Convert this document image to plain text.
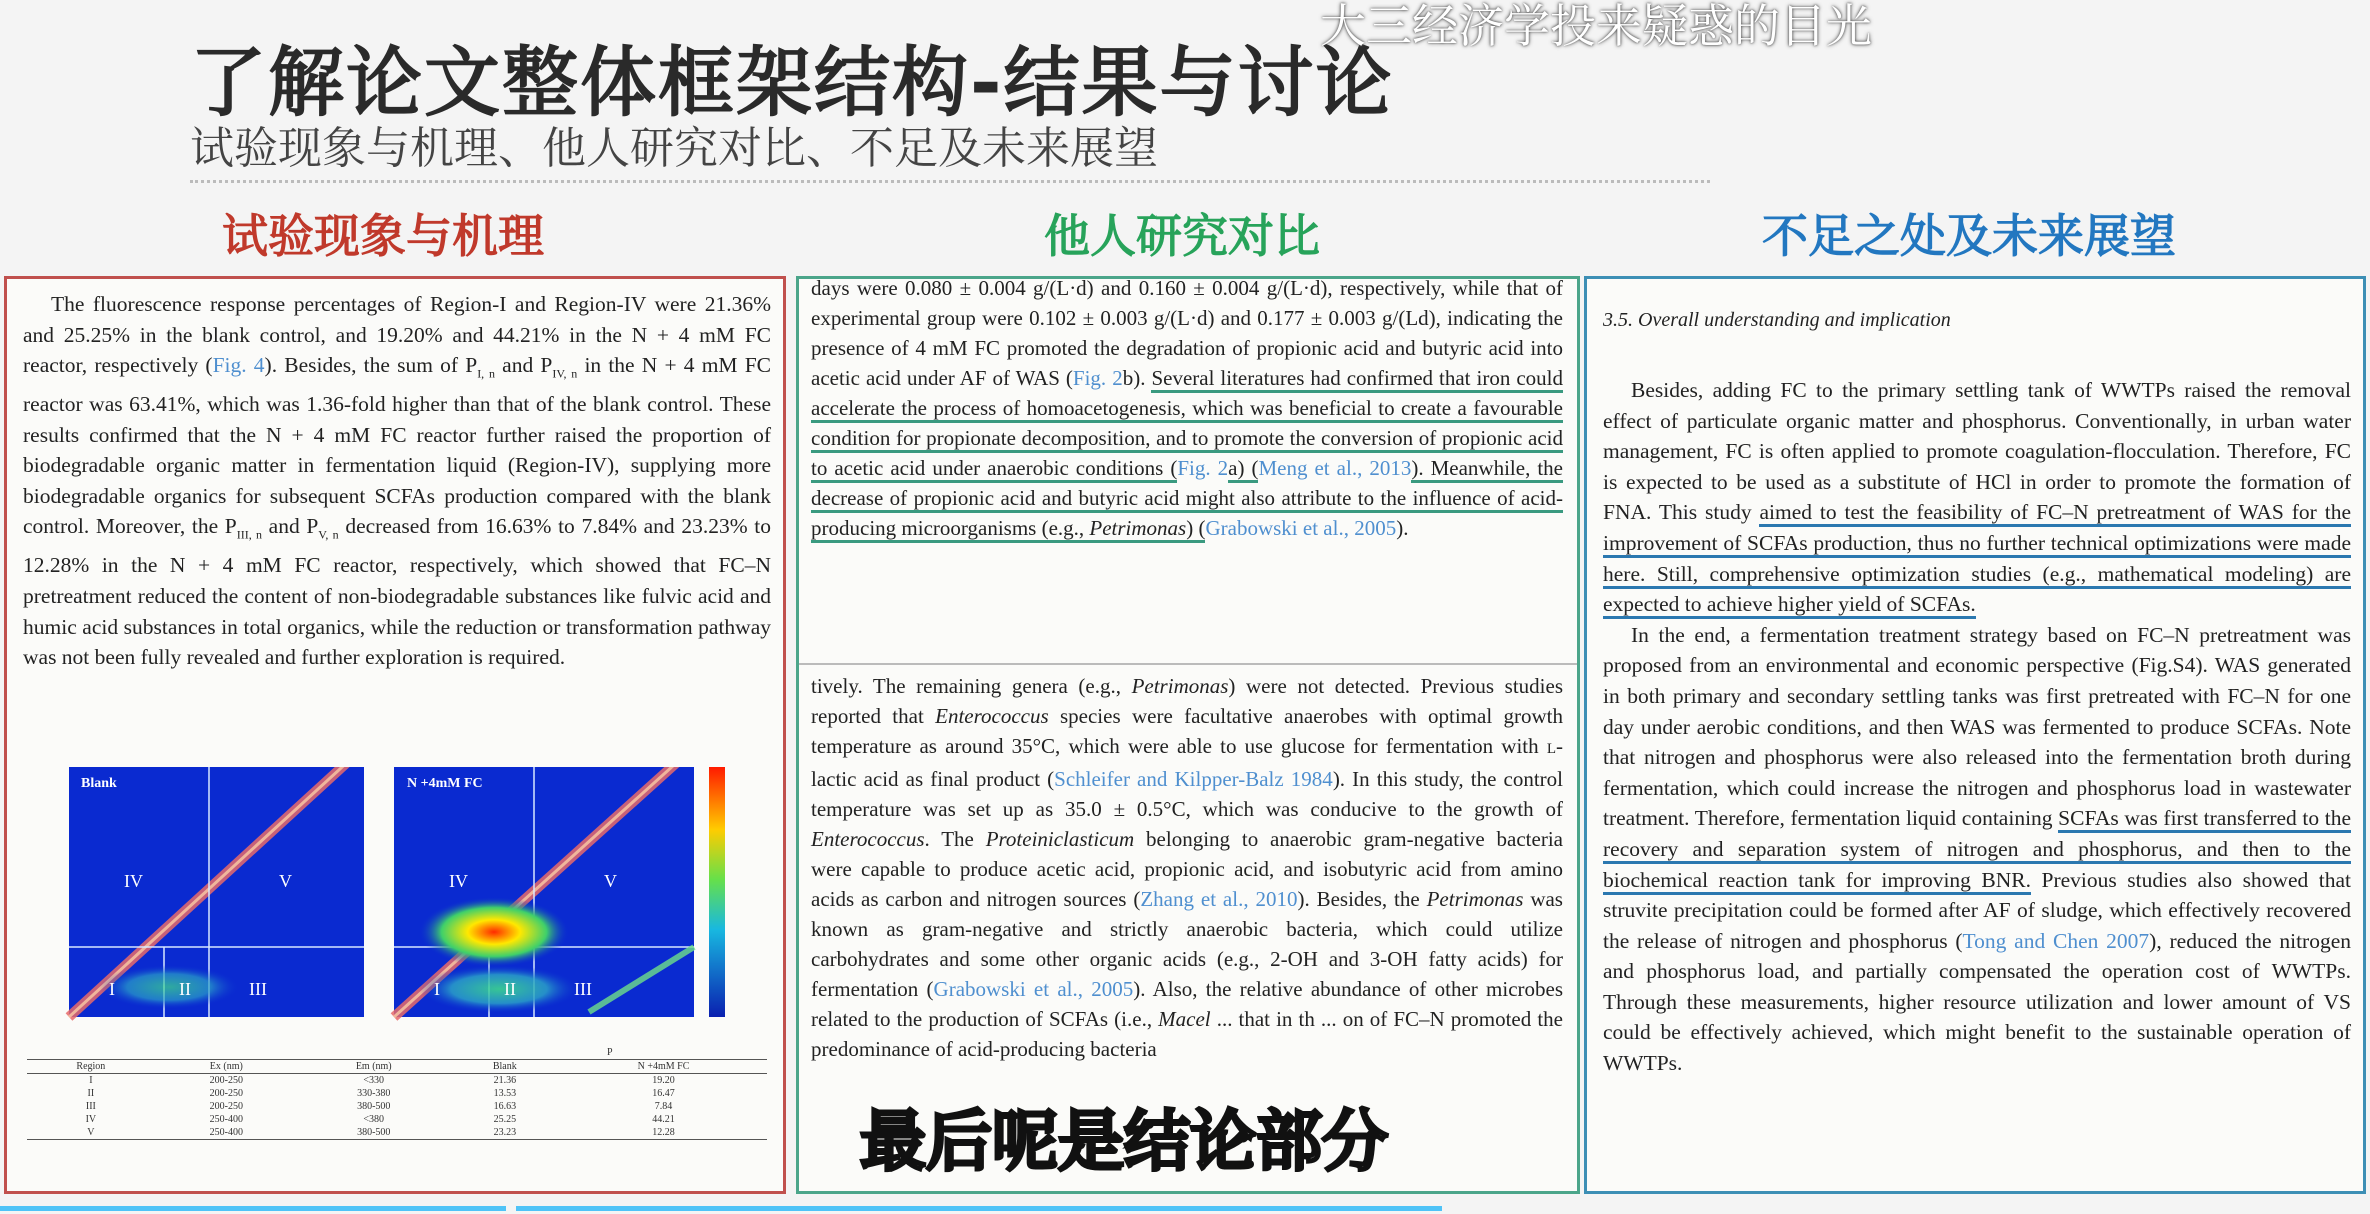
了解论文整体框架结构-结果与讨论
大三经济学投来疑惑的目光
试验现象与机理、他人研究对比、不足及未来展望
试验现象与机理	他人研究对比	不足之处及未来展望

The fluorescence response percentages of Region-I and Region-IV were 21.36% and 25.25% in the blank control, and 19.20% and 44.21% in the N + 4 mM FC reactor, respectively (Fig. 4). Besides, the sum of $P_{I, n}$ and $P_{IV, n}$ in the N + 4 mM FC reactor was 63.41%, which was 1.36-fold higher than that of the blank control. These results confirmed that the N + 4 mM FC reactor further raised the proportion of biodegradable organic matter in fermentation liquid (Region-IV), supplying more biodegradable organics for subsequent SCFAs production compared with the blank control. Moreover, the $P_{III, n}$ and $P_{V, n}$ decreased from 16.63% to 7.84% and 23.23% to 12.28% in the N + 4 mM FC reactor, respectively, which showed that FC–N pretreatment reduced the content of non-biodegradable substances like fulvic acid and humic acid substances in total organics, while the reduction or transformation pathway was not been fully revealed and further exploration is required.

Blank
IV	V
I	II	III
N +4mM FC
IV	V
I	II	III
Region	Ex (nm)	Em (nm)	Blank	N +4mM FC
I	200-250	<330	21.36	19.20
II	200-250	330-380	13.53	16.47
III	200-250	380-500	16.63	7.84
IV	250-400	<380	25.25	44.21
V	250-400	380-500	23.23	12.28
P
days were 0.080 ± 0.004 g/(L·d) and 0.160 ± 0.004 g/(L·d), respectively, while that of experimental group were 0.102 ± 0.003 g/(L·d) and 0.177 ± 0.003 g/(Ld), indicating the presence of 4 mM FC promoted the degradation of propionic acid and butyric acid into acetic acid under AF of WAS (Fig. 2b). Several literatures had confirmed that iron could accelerate the process of homoacetogenesis, which was beneficial to create a favourable condition for propionate decomposition, and to promote the conversion of propionic acid to acetic acid under anaerobic conditions (Fig. 2a) (Meng et al., 2013). Meanwhile, the decrease of propionic acid and butyric acid might also attribute to the influence of acid-producing microorganisms (e.g., Petrimonas) (Grabowski et al., 2005).
tively. The remaining genera (e.g., Petrimonas) were not detected. Previous studies reported that Enterococcus species were facultative anaerobes with optimal growth temperature as around 35°C, which were able to use glucose for fermentation with L-lactic acid as final product (Schleifer and Kilpper-Balz 1984). In this study, the control temperature was set up as 35.0 ± 0.5°C, which was conducive to the growth of Enterococcus. The Proteiniclasticum belonging to anaerobic gram-negative bacteria were capable to produce acetic acid, propionic acid, and isobutyric acid from amino acids as carbon and nitrogen sources (Zhang et al., 2010). Besides, the Petrimonas was known as gram-negative and strictly anaerobic bacteria, which could utilize carbohydrates and some other organic acids (e.g., 2-OH and 3-OH fatty acids) for fermentation (Grabowski et al., 2005). Also, the relative abundance of other microbes related to the production of SCFAs (i.e., Macel ... that in th ... on of FC–N promoted the predominance of acid-producing bacteria
3.5. Overall understanding and implication

Besides, adding FC to the primary settling tank of WWTPs raised the removal effect of particulate organic matter and phosphorus. Conventionally, in urban water management, FC is often applied to promote coagulation-flocculation. Therefore, FC is expected to be used as a substitute of HCl in order to promote the formation of FNA. This study aimed to test the feasibility of FC–N pretreatment of WAS for the improvement of SCFAs production, thus no further technical optimizations were made here. Still, comprehensive optimization studies (e.g., mathematical modeling) are expected to achieve higher yield of SCFAs.

In the end, a fermentation treatment strategy based on FC–N pretreatment was proposed from an environmental and economic perspective (Fig.S4). WAS generated in both primary and secondary settling tanks was first pretreated with FC–N for one day under aerobic conditions, and then WAS was fermented to produce SCFAs. Note that nitrogen and phosphorus were also released into the fermentation broth during fermentation, which could increase the nitrogen and phosphorus load in wastewater treatment. Therefore, fermentation liquid containing SCFAs was first transferred to the recovery and separation system of nitrogen and phosphorus, and then to the biochemical reaction tank for improving BNR. Previous studies also showed that struvite precipitation could be formed after AF of sludge, which effectively recovered the release of nitrogen and phosphorus (Tong and Chen 2007), reduced the nitrogen and phosphorus load, and partially compensated the operation cost of WWTPs. Through these measurements, higher resource utilization and lower amount of VS could be effectively achieved, which might benefit to the sustainable operation of WWTPs.

最后呢是结论部分
